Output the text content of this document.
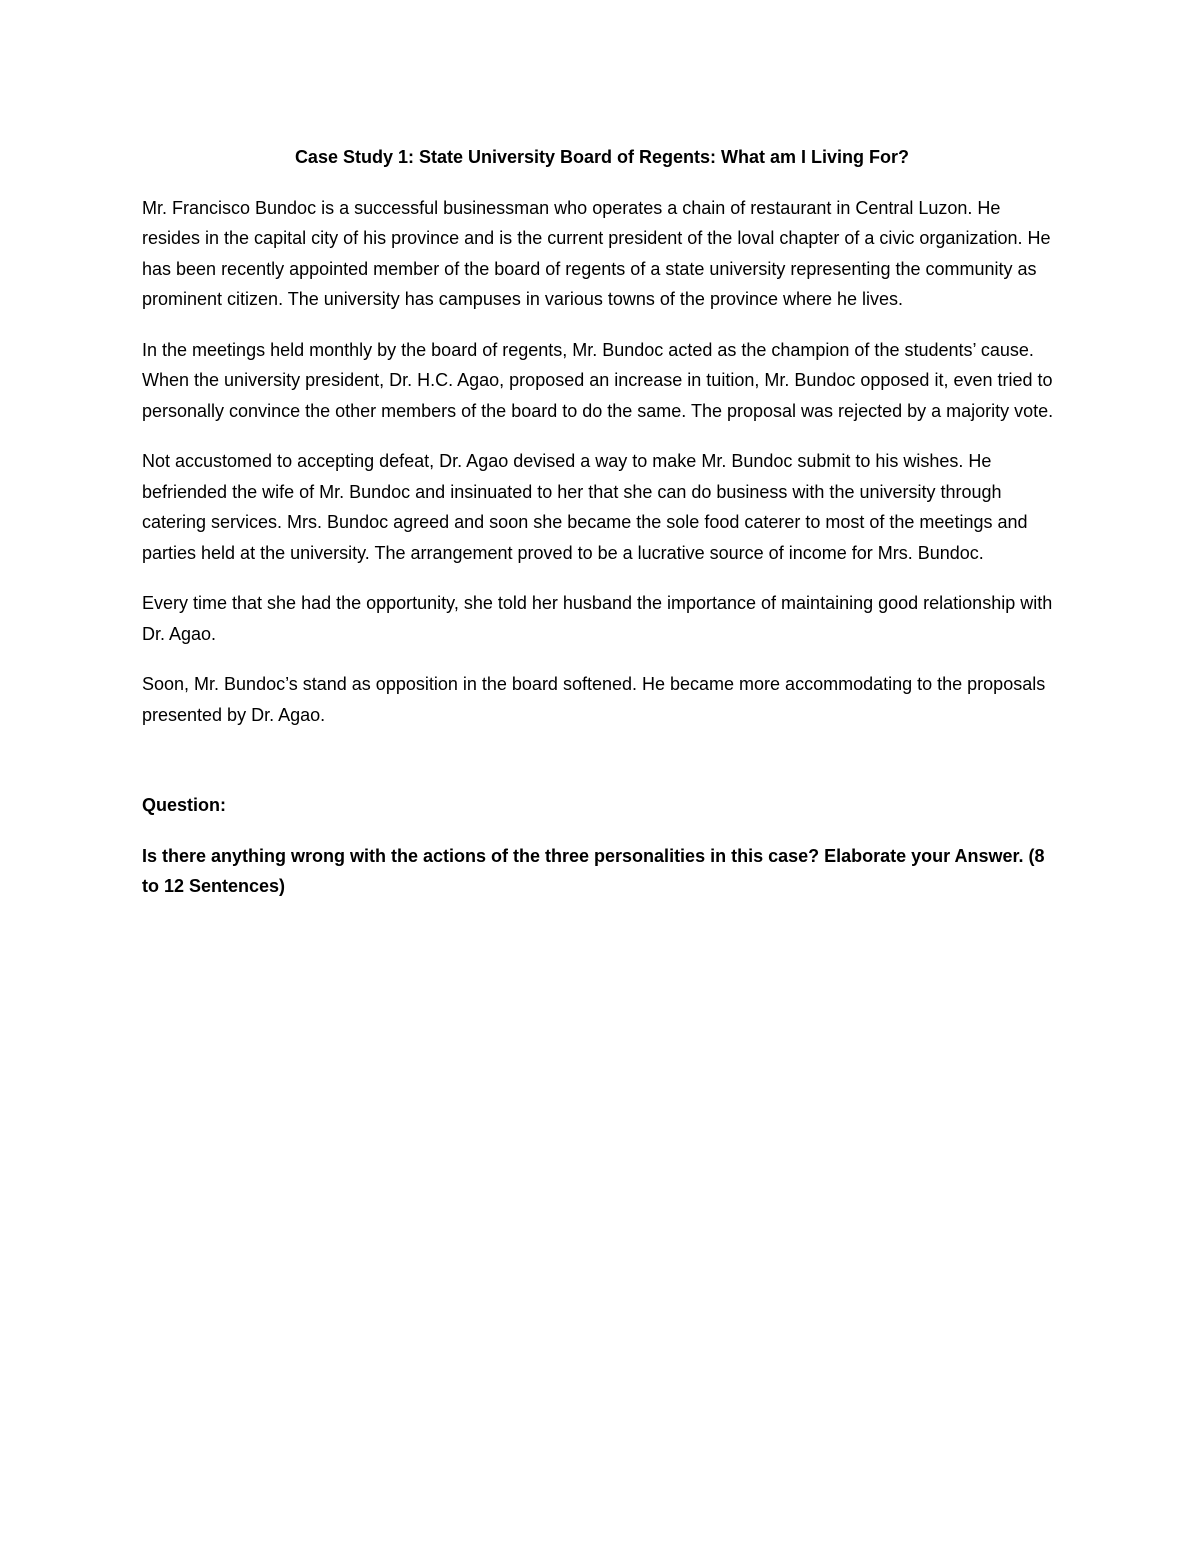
Case Study 1: State University Board of Regents: What am I Living For?

Mr. Francisco Bundoc is a successful businessman who operates a chain of restaurant in Central Luzon. He resides in the capital city of his province and is the current president of the loval chapter of a civic organization. He has been recently appointed member of the board of regents of a state university representing the community as prominent citizen. The university has campuses in various towns of the province where he lives.

In the meetings held monthly by the board of regents, Mr. Bundoc acted as the champion of the students’ cause. When the university president, Dr. H.C. Agao, proposed an increase in tuition, Mr. Bundoc opposed it, even tried to personally convince the other members of the board to do the same. The proposal was rejected by a majority vote.

Not accustomed to accepting defeat, Dr. Agao devised a way to make Mr. Bundoc submit to his wishes. He befriended the wife of Mr. Bundoc and insinuated to her that she can do business with the university through catering services. Mrs. Bundoc agreed and soon she became the sole food caterer to most of the meetings and parties held at the university. The arrangement proved to be a lucrative source of income for Mrs. Bundoc.

Every time that she had the opportunity, she told her husband the importance of maintaining good relationship with Dr. Agao.

Soon, Mr. Bundoc’s stand as opposition in the board softened. He became more accommodating to the proposals presented by Dr. Agao.

Question:

Is there anything wrong with the actions of the three personalities in this case? Elaborate your Answer. (8 to 12 Sentences)
